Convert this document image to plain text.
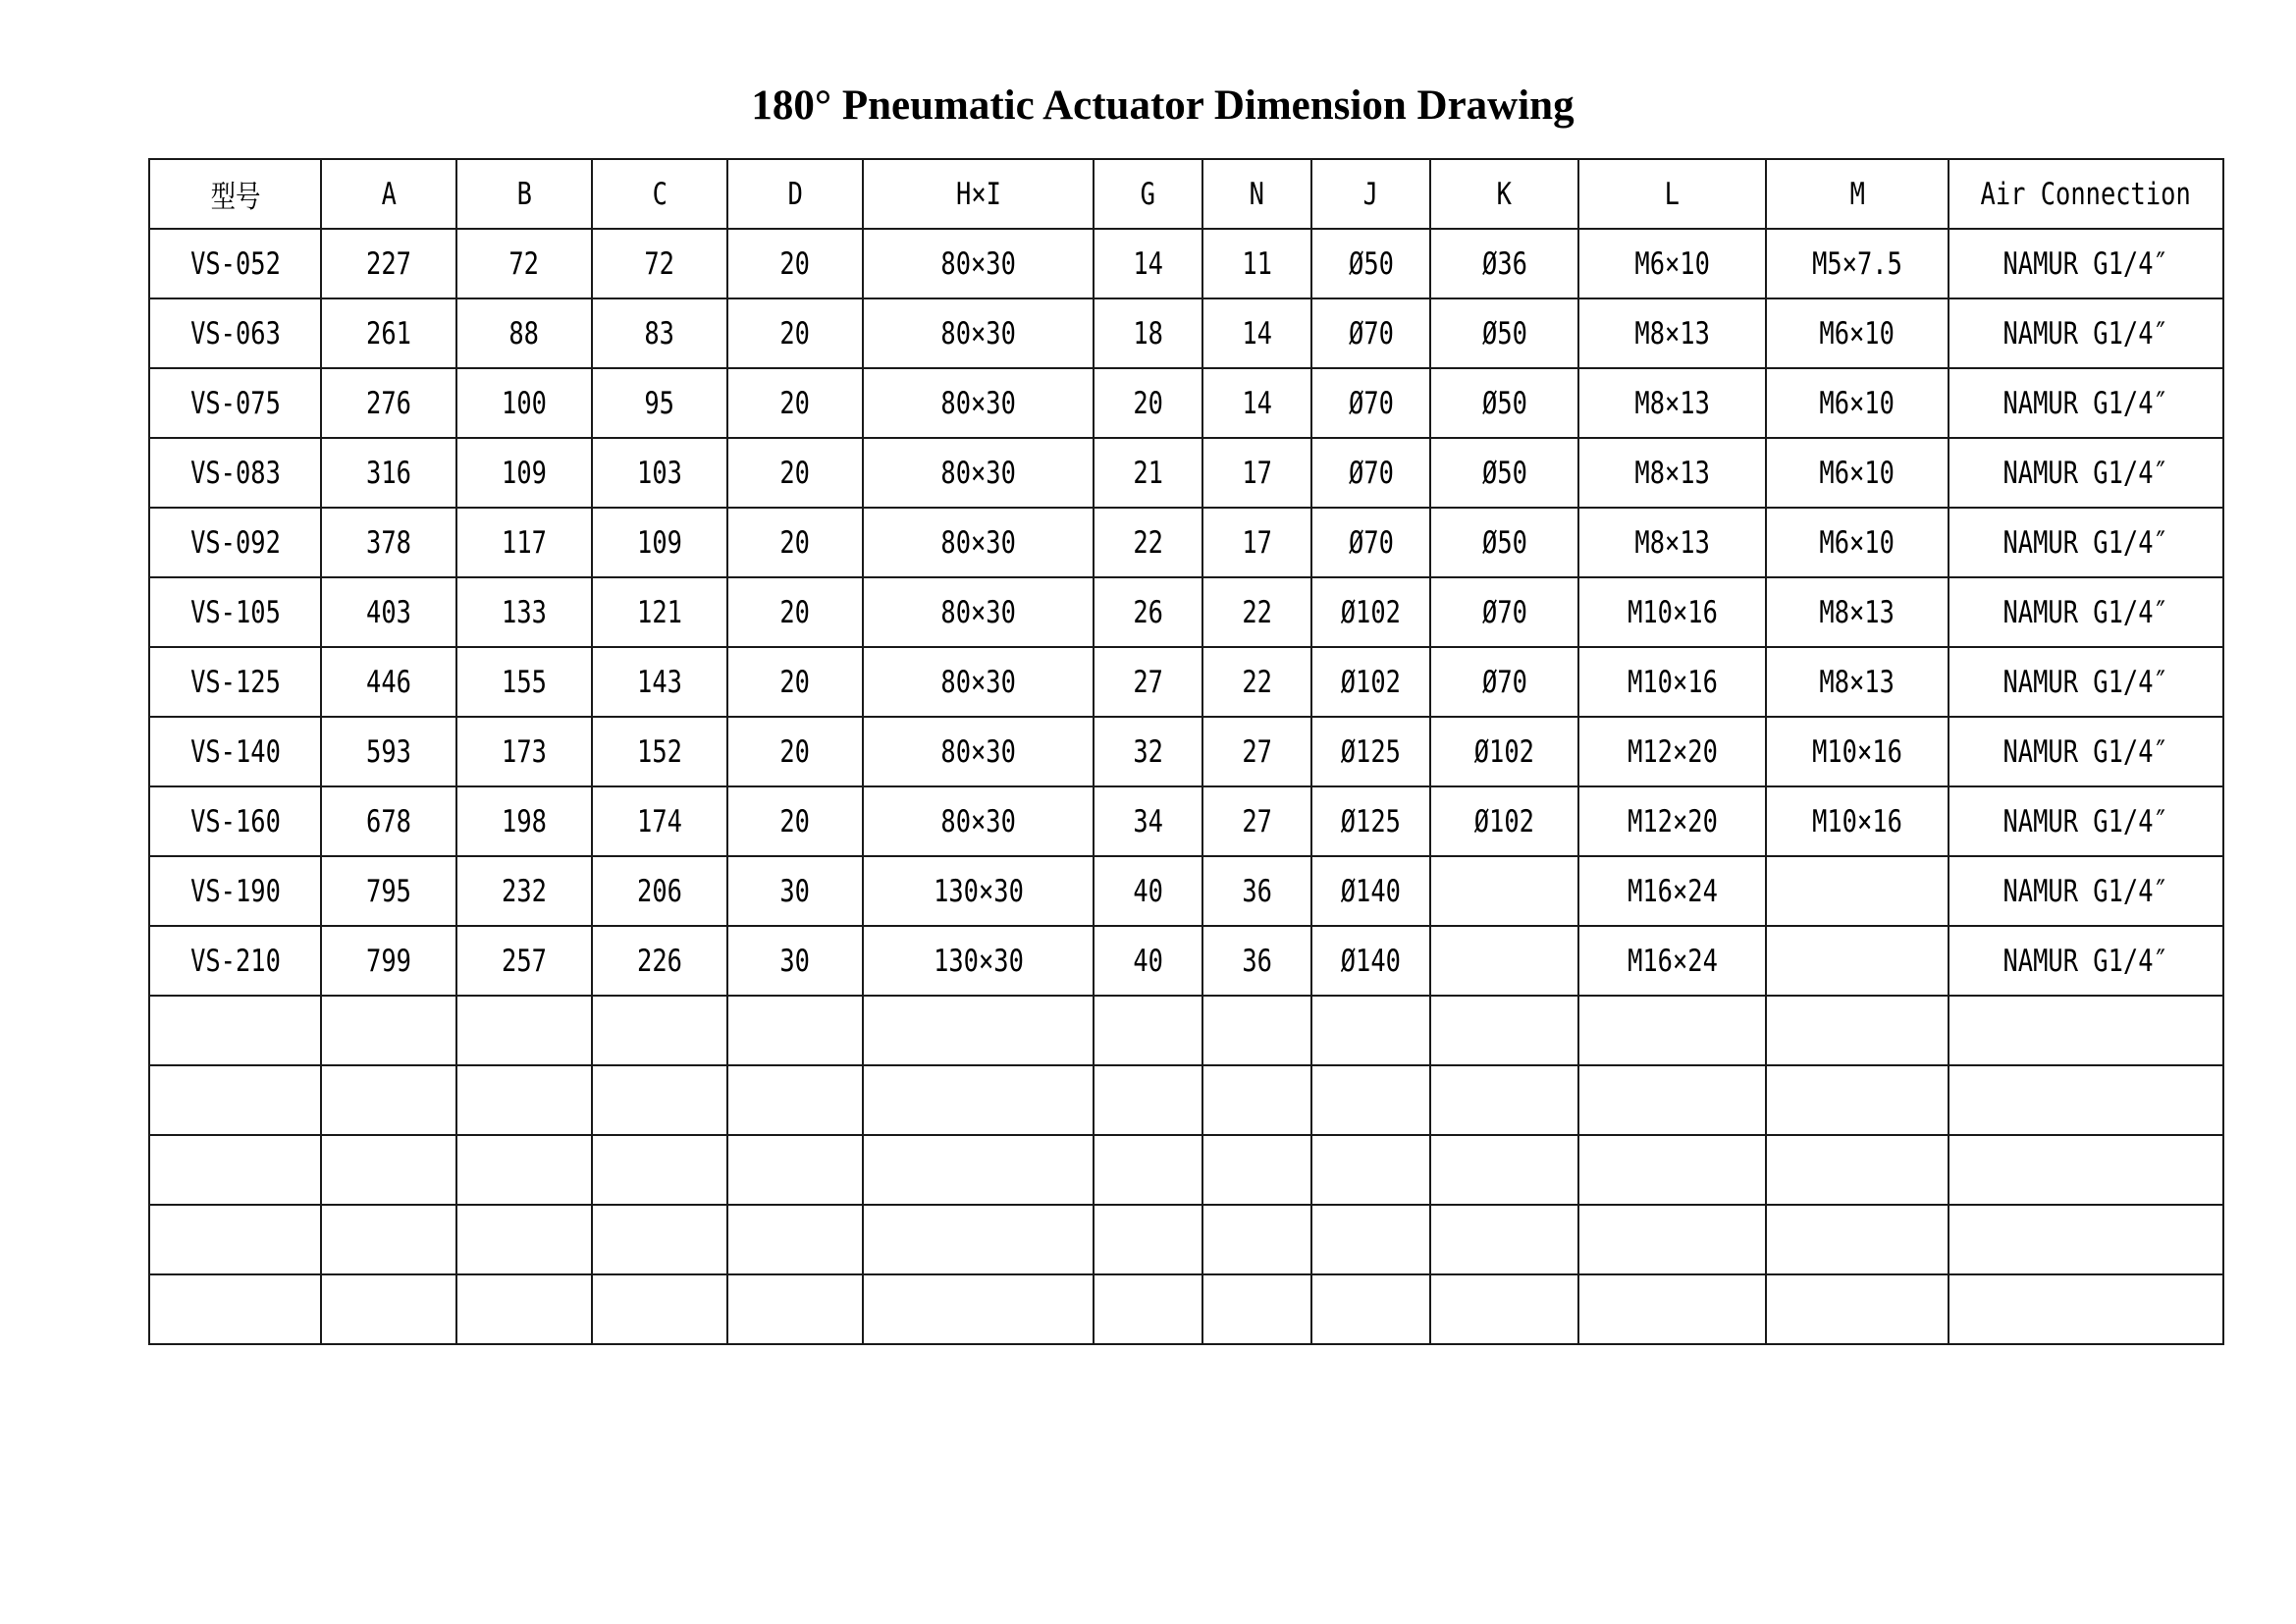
180° Pneumatic Actuator Dimension Drawing
型号	A	B	C	D	H×I	G	N	J	K	L	M	Air Connection
VS-052	227	72	72	20	80×30	14	11	Ø50	Ø36	M6×10	M5×7.5	NAMUR G1/4″
VS-063	261	88	83	20	80×30	18	14	Ø70	Ø50	M8×13	M6×10	NAMUR G1/4″
VS-075	276	100	95	20	80×30	20	14	Ø70	Ø50	M8×13	M6×10	NAMUR G1/4″
VS-083	316	109	103	20	80×30	21	17	Ø70	Ø50	M8×13	M6×10	NAMUR G1/4″
VS-092	378	117	109	20	80×30	22	17	Ø70	Ø50	M8×13	M6×10	NAMUR G1/4″
VS-105	403	133	121	20	80×30	26	22	Ø102	Ø70	M10×16	M8×13	NAMUR G1/4″
VS-125	446	155	143	20	80×30	27	22	Ø102	Ø70	M10×16	M8×13	NAMUR G1/4″
VS-140	593	173	152	20	80×30	32	27	Ø125	Ø102	M12×20	M10×16	NAMUR G1/4″
VS-160	678	198	174	20	80×30	34	27	Ø125	Ø102	M12×20	M10×16	NAMUR G1/4″
VS-190	795	232	206	30	130×30	40	36	Ø140		M16×24		NAMUR G1/4″
VS-210	799	257	226	30	130×30	40	36	Ø140		M16×24		NAMUR G1/4″
